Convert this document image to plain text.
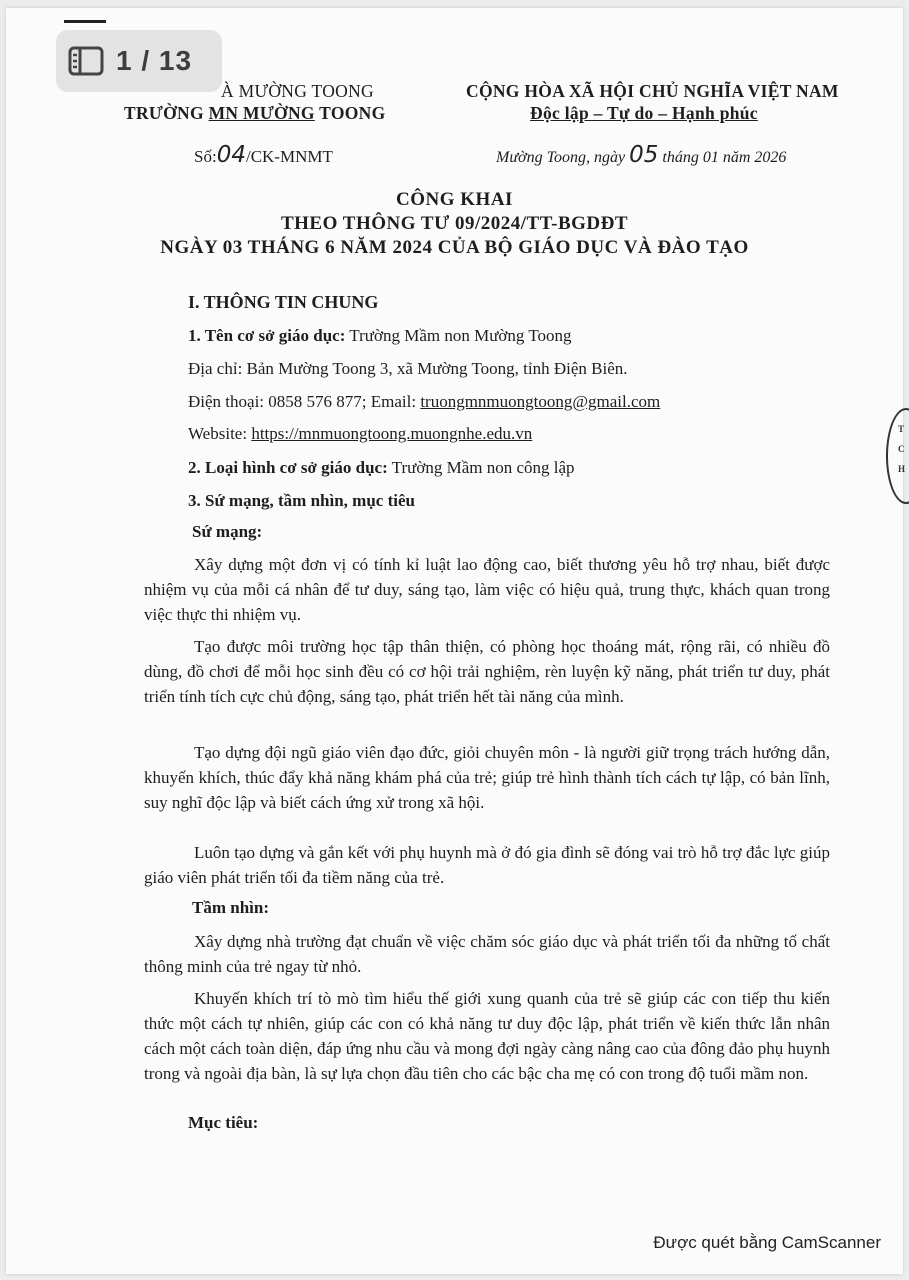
T
C
H
À MƯỜNG TOONG
TRƯỜNG MN MƯỜNG TOONG
Số:04/CK-MNMT
CỘNG HÒA XÃ HỘI CHỦ NGHĨA VIỆT NAM
Độc lập – Tự do – Hạnh phúc
Mường Toong, ngày 05 tháng 01 năm 2026
CÔNG KHAI
THEO THÔNG TƯ 09/2024/TT-BGDĐT
NGÀY 03 THÁNG 6 NĂM 2024 CỦA BỘ GIÁO DỤC VÀ ĐÀO TẠO
I. THÔNG TIN CHUNG
1. Tên cơ sở giáo dục: Trường Mầm non Mường Toong
Địa chỉ: Bản Mường Toong 3, xã Mường Toong, tỉnh Điện Biên.
Điện thoại: 0858 576 877; Email: truongmnmuongtoong@gmail.com
Website: https://mnmuongtoong.muongnhe.edu.vn
2. Loại hình cơ sở giáo dục: Trường Mầm non công lập
3. Sứ mạng, tầm nhìn, mục tiêu
Sứ mạng:
Xây dựng một đơn vị có tính kỉ luật lao động cao, biết thương yêu hỗ trợ nhau, biết được nhiệm vụ của mỗi cá nhân để tư duy, sáng tạo, làm việc có hiệu quả, trung thực, khách quan trong việc thực thi nhiệm vụ.
Tạo được môi trường học tập thân thiện, có phòng học thoáng mát, rộng rãi, có nhiều đồ dùng, đồ chơi để mỗi học sinh đều có cơ hội trải nghiệm, rèn luyện kỹ năng, phát triển tư duy, phát triển tính tích cực chủ động, sáng tạo, phát triển hết tài năng của mình.
Tạo dựng đội ngũ giáo viên đạo đức, giỏi chuyên môn - là người giữ trọng trách hướng dẫn, khuyến khích, thúc đẩy khả năng khám phá của trẻ; giúp trẻ hình thành tích cách tự lập, có bản lĩnh, suy nghĩ độc lập và biết cách ứng xử trong xã hội.
Luôn tạo dựng và gắn kết với phụ huynh mà ở đó gia đình sẽ đóng vai trò hỗ trợ đắc lực giúp giáo viên phát triển tối đa tiềm năng của trẻ.
Tầm nhìn:
Xây dựng nhà trường đạt chuẩn về việc chăm sóc giáo dục và phát triển tối đa những tố chất thông minh của trẻ ngay từ nhỏ.
Khuyến khích trí tò mò tìm hiểu thế giới xung quanh của trẻ sẽ giúp các con tiếp thu kiến thức một cách tự nhiên, giúp các con có khả năng tư duy độc lập, phát triển về kiến thức lẫn nhân cách một cách toàn diện, đáp ứng nhu cầu và mong đợi ngày càng nâng cao của đông đảo phụ huynh trong và ngoài địa bàn, là sự lựa chọn đầu tiên cho các bậc cha mẹ có con trong độ tuổi mầm non.
Mục tiêu:
1 / 13
Được quét bằng CamScanner
